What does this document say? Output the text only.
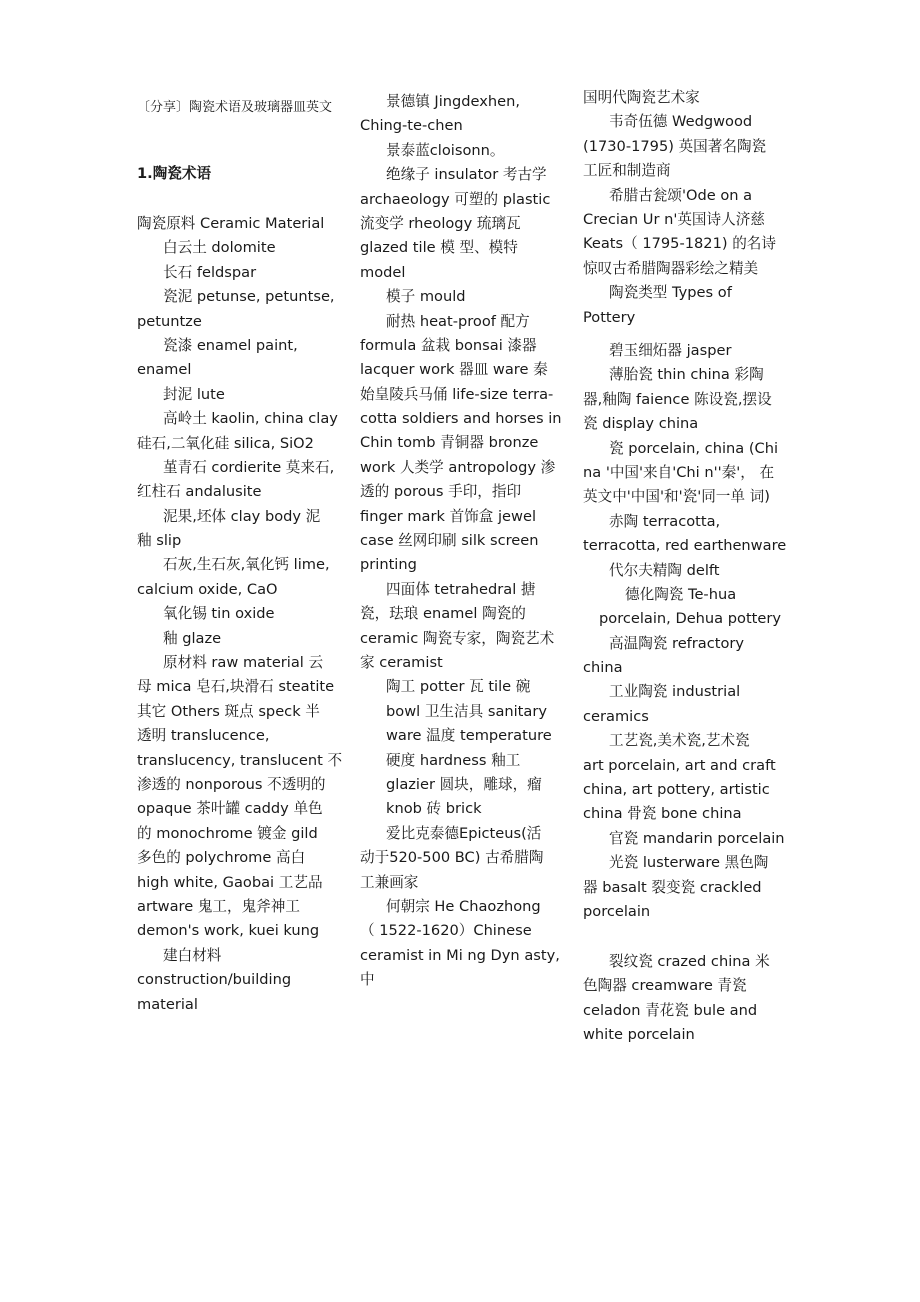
〔分享〕陶瓷术语及玻璃器皿英文
1.陶瓷术语
陶瓷原料 Ceramic Material
白云土 dolomite
长石 feldspar
瓷泥 petunse, petuntse,
petuntze
瓷漆 enamel paint,
enamel
封泥 lute
高岭土 kaolin, china clay
硅石,二氧化硅 silica, SiO2
堇青石 cordierite 莫来石,
红柱石 andalusite
泥果,坯体 clay body 泥
釉 slip
石灰,生石灰,氧化钙 lime,
calcium oxide, CaO
氧化锡 tin oxide
釉 glaze
原材料 raw material 云
母 mica 皂石,块滑石 steatite
其它 Others 斑点 speck 半
透明 translucence,
translucency, translucent 不
渗透的 nonporous 不透明的
opaque 茶叶罐 caddy 单色
的 monochrome 镀金 gild
多色的 polychrome 高白
high white, Gaobai 工艺品
artware 鬼工，鬼斧神工
demon's work, kuei kung
建白材料
construction/building
material
景德镇 Jingdexhen,
Ching-te-chen
景泰蓝cloisonn。
绝缘子 insulator 考古学
archaeology 可塑的 plastic
流变学 rheology 琉璃瓦
glazed tile 模 型、模特
model
模子 mould
耐热 heat-proof 配方
formula 盆栽 bonsai 漆器
lacquer work 器皿 ware 秦
始皇陵兵马俑 life-size terra-
cotta soldiers and horses in
Chin tomb 青铜器 bronze
work 人类学 antropology 渗
透的 porous 手印，指印
finger mark 首饰盒 jewel
case 丝网印刷 silk screen
printing
四面体 tetrahedral 搪
瓷，珐琅 enamel 陶瓷的
ceramic 陶瓷专家，陶瓷艺术
家 ceramist
陶工 potter 瓦 tile 碗
bowl 卫生洁具 sanitary
ware 温度 temperature
硬度 hardness 釉工
glazier 圆块，雕球，瘤
knob 砖 brick
爱比克泰德Epicteus(活
动于520-500 BC) 古希腊陶
工兼画家
何朝宗 He Chaozhong
（ 1522-1620）Chinese
ceramist in Mi ng Dyn asty,
中
国明代陶瓷艺术家
韦奇伍德 Wedgwood
(1730-1795) 英国著名陶瓷
工匠和制造商
希腊古瓮颂'Ode on a
Crecian Ur n'英国诗人济慈
Keats（ 1795-1821) 的名诗
惊叹古希腊陶器彩绘之精美
陶瓷类型 Types of
Pottery
碧玉细炻器 jasper
薄胎瓷 thin china 彩陶
器,釉陶 faience 陈设瓷,摆设
瓷 display china
瓷 porcelain, china (Chi
na '中国'来自'Chi n''秦'， 在
英文中'中国'和'瓷'同一单 词)
赤陶 terracotta,
terracotta, red earthenware
代尔夫精陶 delft
德化陶瓷 Te-hua
porcelain, Dehua pottery
高温陶瓷 refractory
china
工业陶瓷 industrial
ceramics
工艺瓷,美术瓷,艺术瓷
art porcelain, art and craft
china, art pottery, artistic
china 骨瓷 bone china
官瓷 mandarin porcelain
光瓷 lusterware 黑色陶
器 basalt 裂变瓷 crackled
porcelain
裂纹瓷 crazed china 米
色陶器 creamware 青瓷
celadon 青花瓷 bule and
white porcelain
